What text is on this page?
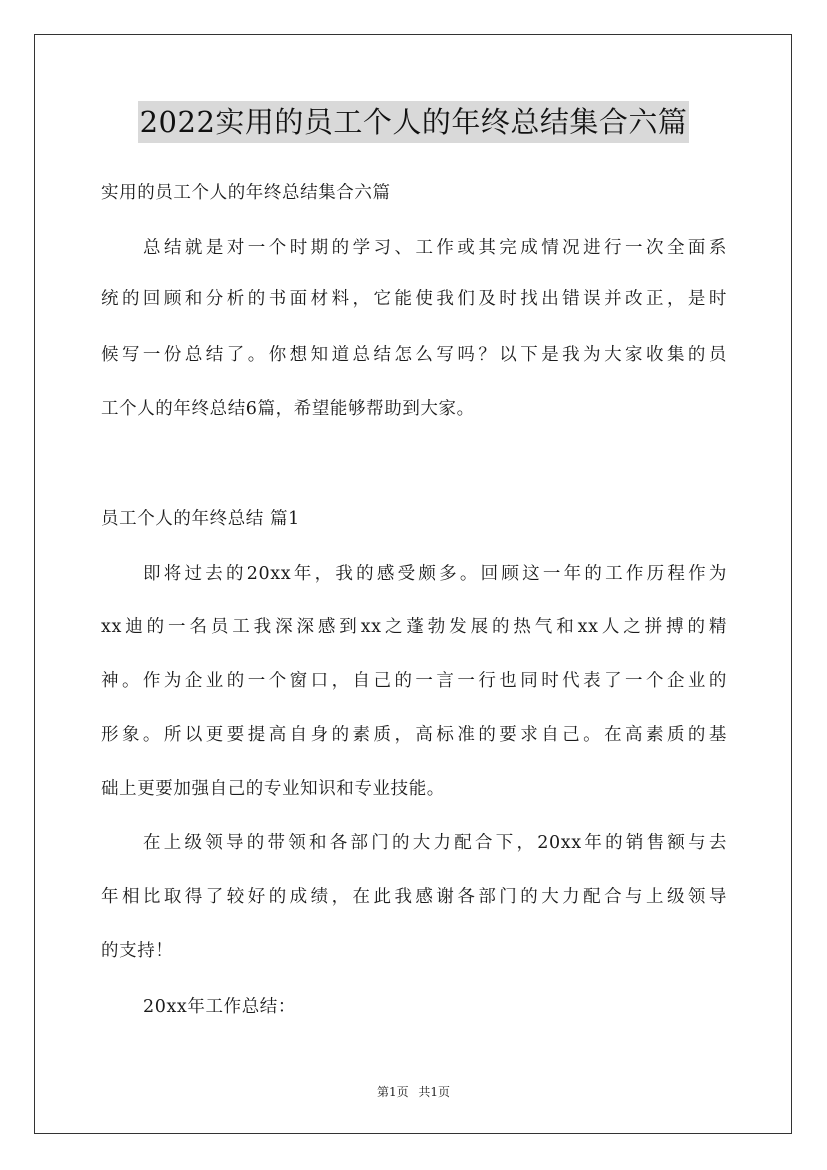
2022实用的员工个人的年终总结集合六篇
实用的员工个人的年终总结集合六篇
总结就是对一个时期的学习、工作或其完成情况进行一次全面系
统的回顾和分析的书面材料，它能使我们及时找出错误并改正，是时
候写一份总结了。你想知道总结怎么写吗？以下是我为大家收集的员
工个人的年终总结6篇，希望能够帮助到大家。
员工个人的年终总结 篇1
即将过去的20xx年，我的感受颇多。回顾这一年的工作历程作为
xx迪的一名员工我深深感到xx之蓬勃发展的热气和xx人之拼搏的精
神。作为企业的一个窗口，自己的一言一行也同时代表了一个企业的
形象。所以更要提高自身的素质，高标准的要求自己。在高素质的基
础上更要加强自己的专业知识和专业技能。
在上级领导的带领和各部门的大力配合下，20xx年的销售额与去
年相比取得了较好的成绩，在此我感谢各部门的大力配合与上级领导
的支持！
20xx年工作总结：
第1页 共1页
